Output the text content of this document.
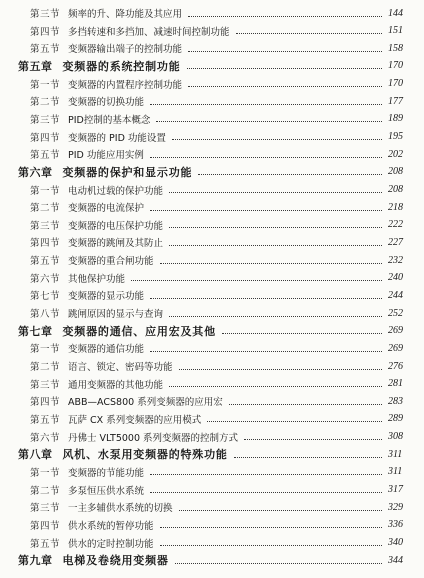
第三节 频率的升、降功能及其应用	144
第四节 多挡转速和多挡加、减速时间控制功能	151
第五节 变频器输出端子的控制功能	158
第五章 变频器的系统控制功能	170
第一节 变频器的内置程序控制功能	170
第二节 变频器的切换功能	177
第三节 PID控制的基本概念	189
第四节 变频器的 PID 功能设置	195
第五节 PID 功能应用实例	202
第六章 变频器的保护和显示功能	208
第一节 电动机过载的保护功能	208
第二节 变频器的电流保护	218
第三节 变频器的电压保护功能	222
第四节 变频器的跳闸及其防止	227
第五节 变频器的重合闸功能	232
第六节 其他保护功能	240
第七节 变频器的显示功能	244
第八节 跳闸原因的显示与查询	252
第七章 变频器的通信、应用宏及其他	269
第一节 变频器的通信功能	269
第二节 语言、锁定、密码等功能	276
第三节 通用变频器的其他功能	281
第四节 ABB—ACS800 系列变频器的应用宏	283
第五节 瓦萨 CX 系列变频器的应用模式	289
第六节 丹佛士 VLT5000 系列变频器的控制方式	308
第八章 风机、水泵用变频器的特殊功能	311
第一节 变频器的节能功能	311
第二节 多泵恒压供水系统	317
第三节 一主多辅供水系统的切换	329
第四节 供水系统的暂停功能	336
第五节 供水的定时控制功能	340
第九章 电梯及卷绕用变频器	344
